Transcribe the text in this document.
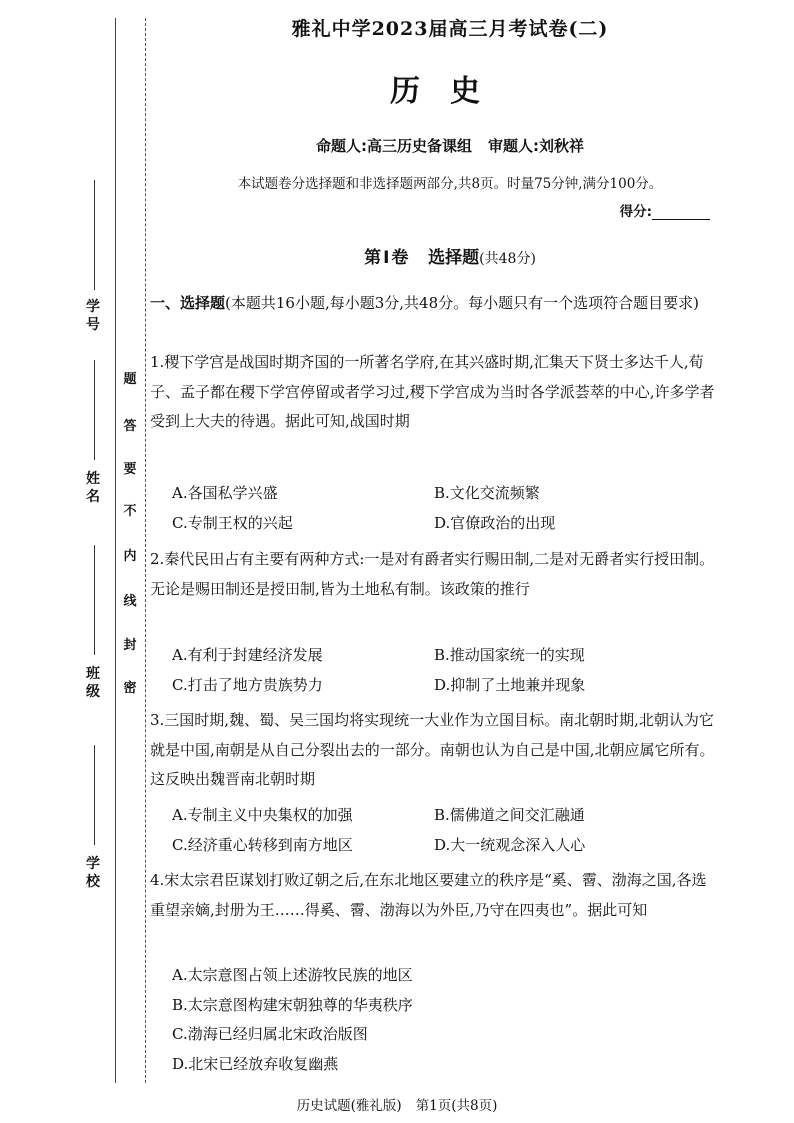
学 号
姓 名
班 级
学 校
题
答
要
不
内
线
封
密
雅礼中学2023届高三月考试卷(二)
历史
命题人:高三历史备课组 审题人:刘秋祥
本试题卷分选择题和非选择题两部分,共8页。时量75分钟,满分100分。
得分:
第Ⅰ卷 选择题(共48分)
一、选择题(本题共16小题,每小题3分,共48分。每小题只有一个选项符合题目要求)
1.稷下学宫是战国时期齐国的一所著名学府,在其兴盛时期,汇集天下贤士多达千人,荀子、孟子都在稷下学宫停留或者学习过,稷下学宫成为当时各学派荟萃的中心,许多学者受到上大夫的待遇。据此可知,战国时期
A.各国私学兴盛	B.文化交流频繁
C.专制王权的兴起	D.官僚政治的出现
2.秦代民田占有主要有两种方式:一是对有爵者实行赐田制,二是对无爵者实行授田制。无论是赐田制还是授田制,皆为土地私有制。该政策的推行
A.有利于封建经济发展	B.推动国家统一的实现
C.打击了地方贵族势力	D.抑制了土地兼并现象
3.三国时期,魏、蜀、吴三国均将实现统一大业作为立国目标。南北朝时期,北朝认为它就是中国,南朝是从自己分裂出去的一部分。南朝也认为自己是中国,北朝应属它所有。这反映出魏晋南北朝时期
A.专制主义中央集权的加强	B.儒佛道之间交汇融通
C.经济重心转移到南方地区	D.大一统观念深入人心
4.宋太宗君臣谋划打败辽朝之后,在东北地区要建立的秩序是“奚、霫、渤海之国,各选重望亲嫡,封册为王……得奚、霫、渤海以为外臣,乃守在四夷也”。据此可知
A.太宗意图占领上述游牧民族的地区
B.太宗意图构建宋朝独尊的华夷秩序
C.渤海已经归属北宋政治版图
D.北宋已经放弃收复幽燕
历史试题(雅礼版) 第1页(共8页)
